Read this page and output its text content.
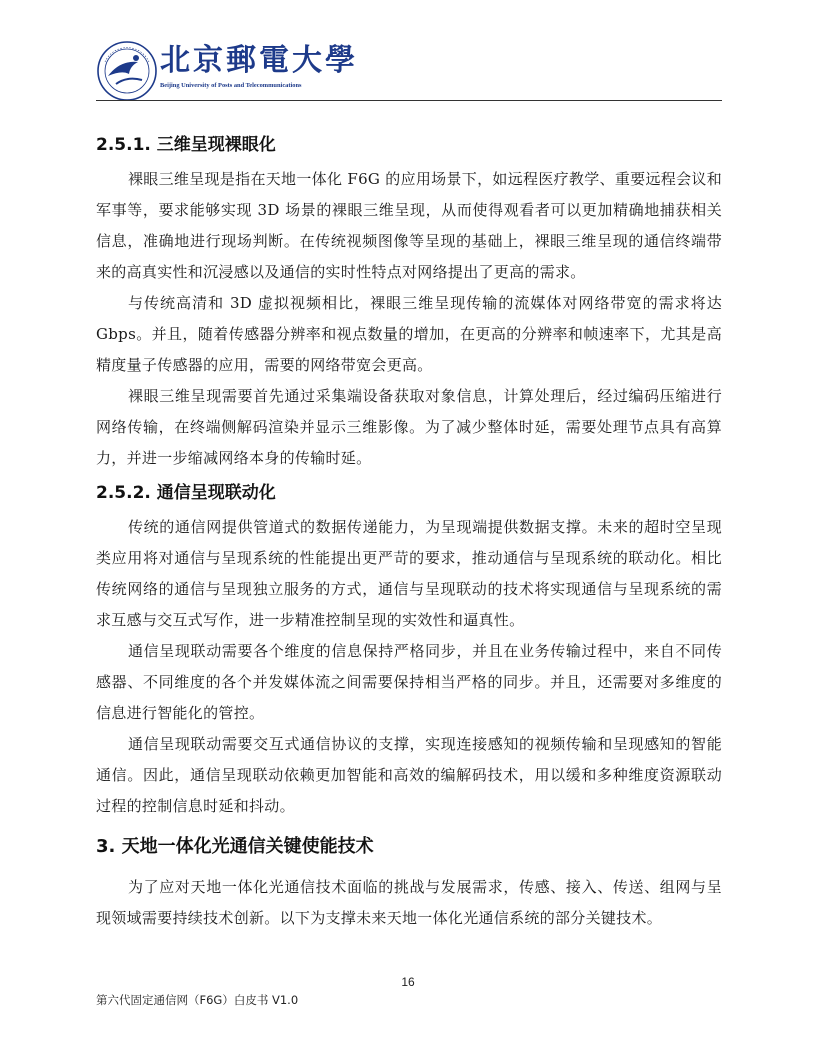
北京郵電大學
Beijing University of Posts and Telecommunications
2.5.1. 三维呈现裸眼化

裸眼三维呈现是指在天地一体化 F6G 的应用场景下，如远程医疗教学、重要远程会议和军事等，要求能够实现 3D 场景的裸眼三维呈现，从而使得观看者可以更加精确地捕获相关信息，准确地进行现场判断。在传统视频图像等呈现的基础上，裸眼三维呈现的通信终端带来的高真实性和沉浸感以及通信的实时性特点对网络提出了更高的需求。

与传统高清和 3D 虚拟视频相比，裸眼三维呈现传输的流媒体对网络带宽的需求将达 Gbps。并且，随着传感器分辨率和视点数量的增加，在更高的分辨率和帧速率下，尤其是高精度量子传感器的应用，需要的网络带宽会更高。

裸眼三维呈现需要首先通过采集端设备获取对象信息，计算处理后，经过编码压缩进行网络传输，在终端侧解码渲染并显示三维影像。为了减少整体时延，需要处理节点具有高算力，并进一步缩减网络本身的传输时延。

2.5.2. 通信呈现联动化

传统的通信网提供管道式的数据传递能力，为呈现端提供数据支撑。未来的超时空呈现类应用将对通信与呈现系统的性能提出更严苛的要求，推动通信与呈现系统的联动化。相比传统网络的通信与呈现独立服务的方式，通信与呈现联动的技术将实现通信与呈现系统的需求互感与交互式写作，进一步精准控制呈现的实效性和逼真性。

通信呈现联动需要各个维度的信息保持严格同步，并且在业务传输过程中，来自不同传感器、不同维度的各个并发媒体流之间需要保持相当严格的同步。并且，还需要对多维度的信息进行智能化的管控。

通信呈现联动需要交互式通信协议的支撑，实现连接感知的视频传输和呈现感知的智能通信。因此，通信呈现联动依赖更加智能和高效的编解码技术，用以缓和多种维度资源联动过程的控制信息时延和抖动。

3. 天地一体化光通信关键使能技术

为了应对天地一体化光通信技术面临的挑战与发展需求，传感、接入、传送、组网与呈现领域需要持续技术创新。以下为支撑未来天地一体化光通信系统的部分关键技术。

16
第六代固定通信网（F6G）白皮书 V1.0
